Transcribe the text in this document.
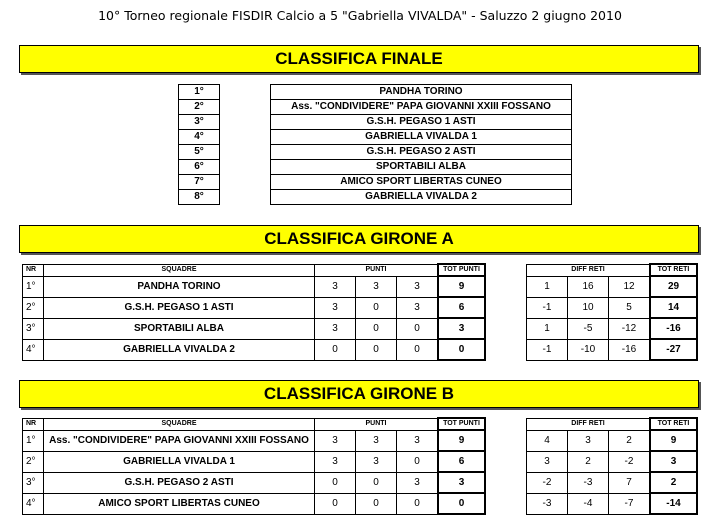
10° Torneo regionale FISDIR Calcio a 5 "Gabriella VIVALDA" - Saluzzo 2 giugno 2010
CLASSIFICA FINALE
1°		PANDHA TORINO
2°		Ass. "CONDIVIDERE" PAPA GIOVANNI XXIII FOSSANO
3°		G.S.H. PEGASO 1 ASTI
4°		GABRIELLA VIVALDA 1
5°		G.S.H. PEGASO 2 ASTI
6°		SPORTABILI ALBA
7°		AMICO SPORT LIBERTAS CUNEO
8°		GABRIELLA VIVALDA 2
CLASSIFICA GIRONE A
NR	SQUADRE	PUNTI			TOT PUNTI		DIFF RETI			TOT RETI
1°	PANDHA TORINO	3	3	3	9		1	16	12	29
2°	G.S.H. PEGASO 1 ASTI	3	0	3	6		-1	10	5	14
3°	SPORTABILI ALBA	3	0	0	3		1	-5	-12	-16
4°	GABRIELLA VIVALDA 2	0	0	0	0		-1	-10	-16	-27
CLASSIFICA GIRONE B
NR	SQUADRE	PUNTI			TOT PUNTI		DIFF RETI			TOT RETI
1°	Ass. "CONDIVIDERE" PAPA GIOVANNI XXIII FOSSANO	3	3	3	9		4	3	2	9
2°	GABRIELLA VIVALDA 1	3	3	0	6		3	2	-2	3
3°	G.S.H. PEGASO 2 ASTI	0	0	3	3		-2	-3	7	2
4°	AMICO SPORT LIBERTAS CUNEO	0	0	0	0		-3	-4	-7	-14
